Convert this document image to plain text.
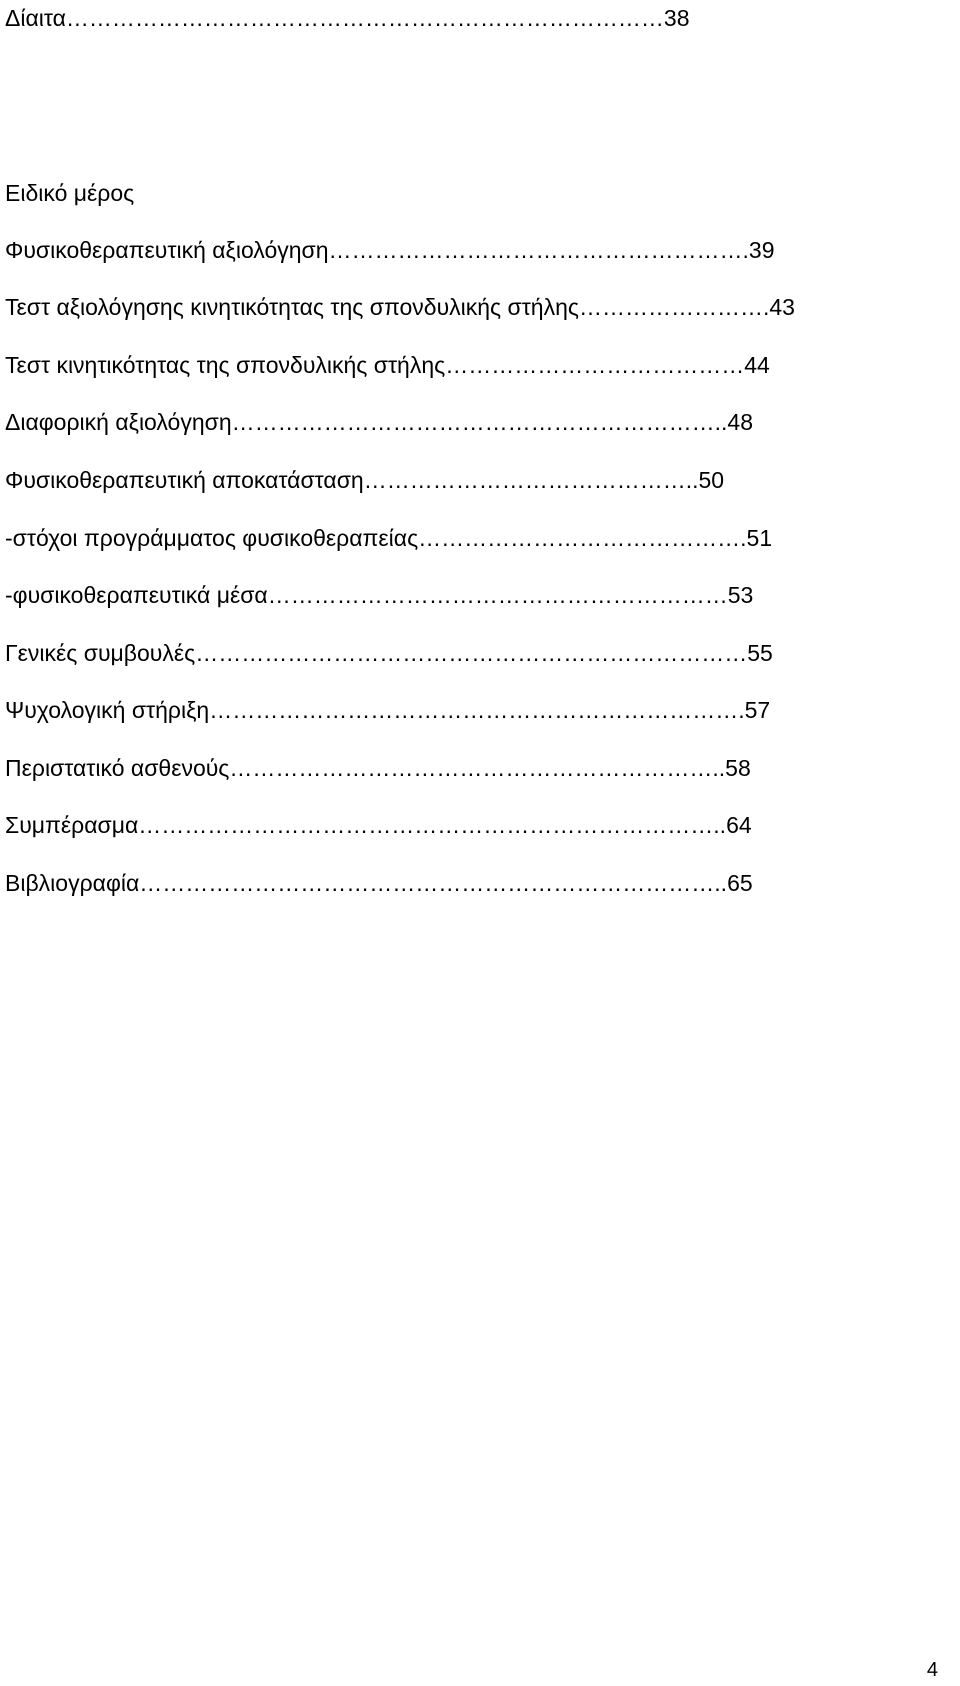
Δίαιτα……………………………………………………………………38
Ειδικό μέρος
Φυσικοθεραπευτική αξιολόγηση……………………………………………….39
Τεστ αξιολόγησης κινητικότητας της σπονδυλικής στήλης…………………….43
Τεστ κινητικότητας της σπονδυλικής στήλης…………………………………44
Διαφορική αξιολόγηση………………………………………………………..48
Φυσικοθεραπευτική αποκατάσταση……………………………………..50
-στόχοι προγράμματος φυσικοθεραπείας…………………………………….51
-φυσικοθεραπευτικά μέσα……………………………………………………53
Γενικές συμβουλές………………………………………………………………55
Ψυχολογική στήριξη…………………………………………………………….57
Περιστατικό ασθενούς………………………………………………………..58
Συμπέρασμα…………………………………………………………………..64
Βιβλιογραφία…………………………………………………………………..65
4
